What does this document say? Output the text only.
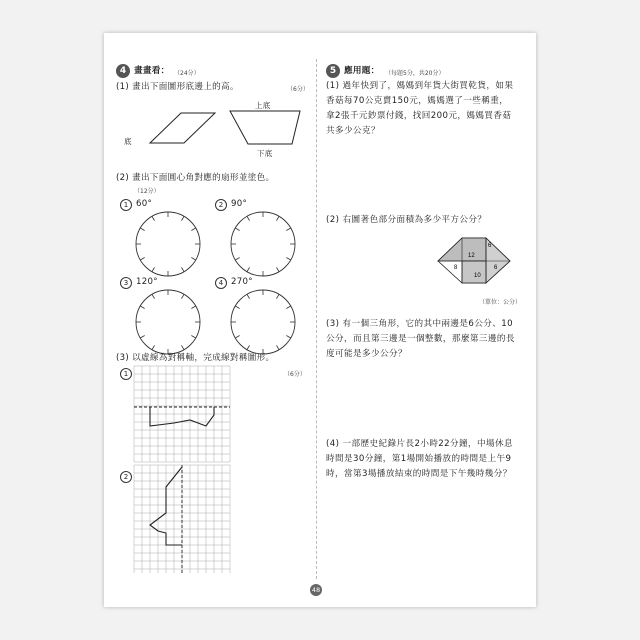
4 畫畫看： （24分）
(1) 畫出下面圖形底邊上的高。	（6分）
底
上底
下底
(2) 畫出下面圓心角對應的扇形並塗色。
（12分）
1 60°	2 90°
3 120°	4 270°
(3) 以虛線為對稱軸，完成線對稱圖形。
1	（6分）
2
5 應用題： （每題5分，共20分）
(1) 過年快到了，媽媽到年貨大街買乾貨，如果香菇每70公克賣150元，媽媽選了一些稱重，拿2張千元鈔票付錢，找回200元，媽媽買香菇共多少公克？
(2) 右圖著色部分面積為多少平方公分？
12
6
8	6
10
（單位：公分）
(3) 有一個三角形，它的其中兩邊是6公分、10公分，而且第三邊是一個整數，那麼第三邊的長度可能是多少公分？
(4) 一部歷史紀錄片長2小時22分鐘，中場休息時間是30分鐘，第1場開始播放的時間是上午9時，當第3場播放結束的時間是下午幾時幾分？
48
